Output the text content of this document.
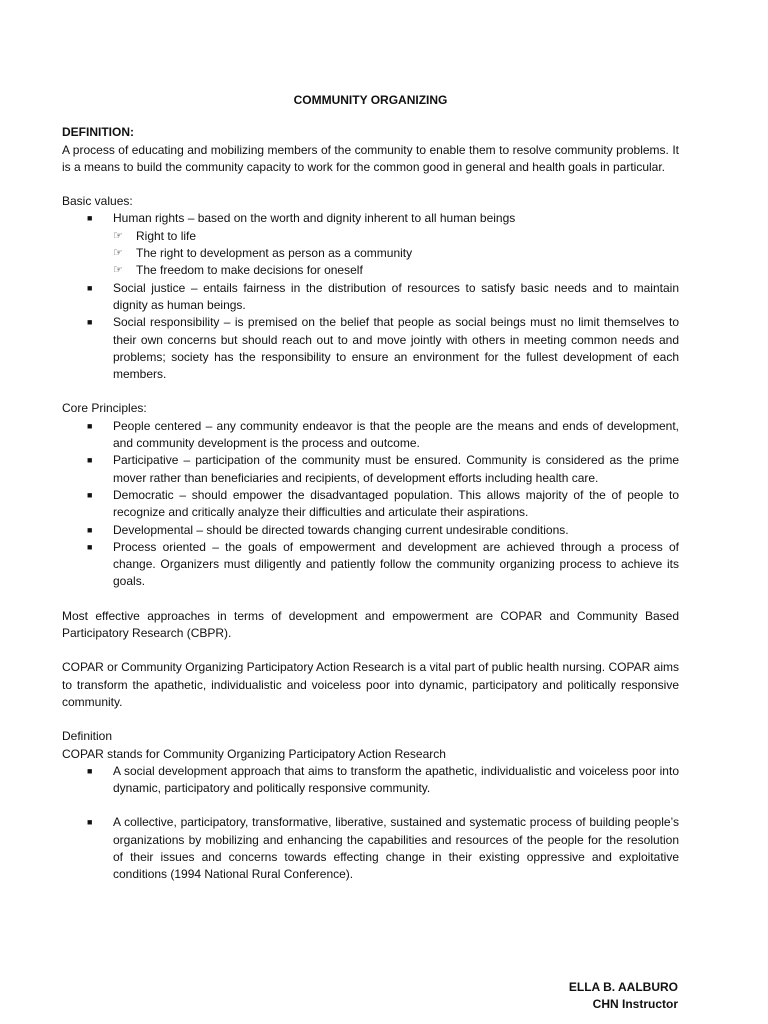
COMMUNITY ORGANIZING

DEFINITION:

A process of educating and mobilizing members of the community to enable them to resolve community problems. It is a means to build the community capacity to work for the common good in general and health goals in particular.

Basic values:

■ Human rights – based on the worth and dignity inherent to all human beings
☞ Right to life
☞ The right to development as person as a community
☞ The freedom to make decisions for oneself
■ Social justice – entails fairness in the distribution of resources to satisfy basic needs and to maintain dignity as human beings.
■ Social responsibility – is premised on the belief that people as social beings must no limit themselves to their own concerns but should reach out to and move jointly with others in meeting common needs and problems; society has the responsibility to ensure an environment for the fullest development of each members.

Core Principles:

■ People centered – any community endeavor is that the people are the means and ends of development, and community development is the process and outcome.
■ Participative – participation of the community must be ensured. Community is considered as the prime mover rather than beneficiaries and recipients, of development efforts including health care.
■ Democratic – should empower the disadvantaged population. This allows majority of the of people to recognize and critically analyze their difficulties and articulate their aspirations.
■ Developmental – should be directed towards changing current undesirable conditions.
■ Process oriented – the goals of empowerment and development are achieved through a process of change. Organizers must diligently and patiently follow the community organizing process to achieve its goals.

Most effective approaches in terms of development and empowerment are COPAR and Community Based Participatory Research (CBPR).

COPAR or Community Organizing Participatory Action Research is a vital part of public health nursing. COPAR aims to transform the apathetic, individualistic and voiceless poor into dynamic, participatory and politically responsive community.

Definition

COPAR stands for Community Organizing Participatory Action Research

■ A social development approach that aims to transform the apathetic, individualistic and voiceless poor into dynamic, participatory and politically responsive community.
■ A collective, participatory, transformative, liberative, sustained and systematic process of building people’s organizations by mobilizing and enhancing the capabilities and resources of the people for the resolution of their issues and concerns towards effecting change in their existing oppressive and exploitative conditions (1994 National Rural Conference).
ELLA B. AALBURO
CHN Instructor
